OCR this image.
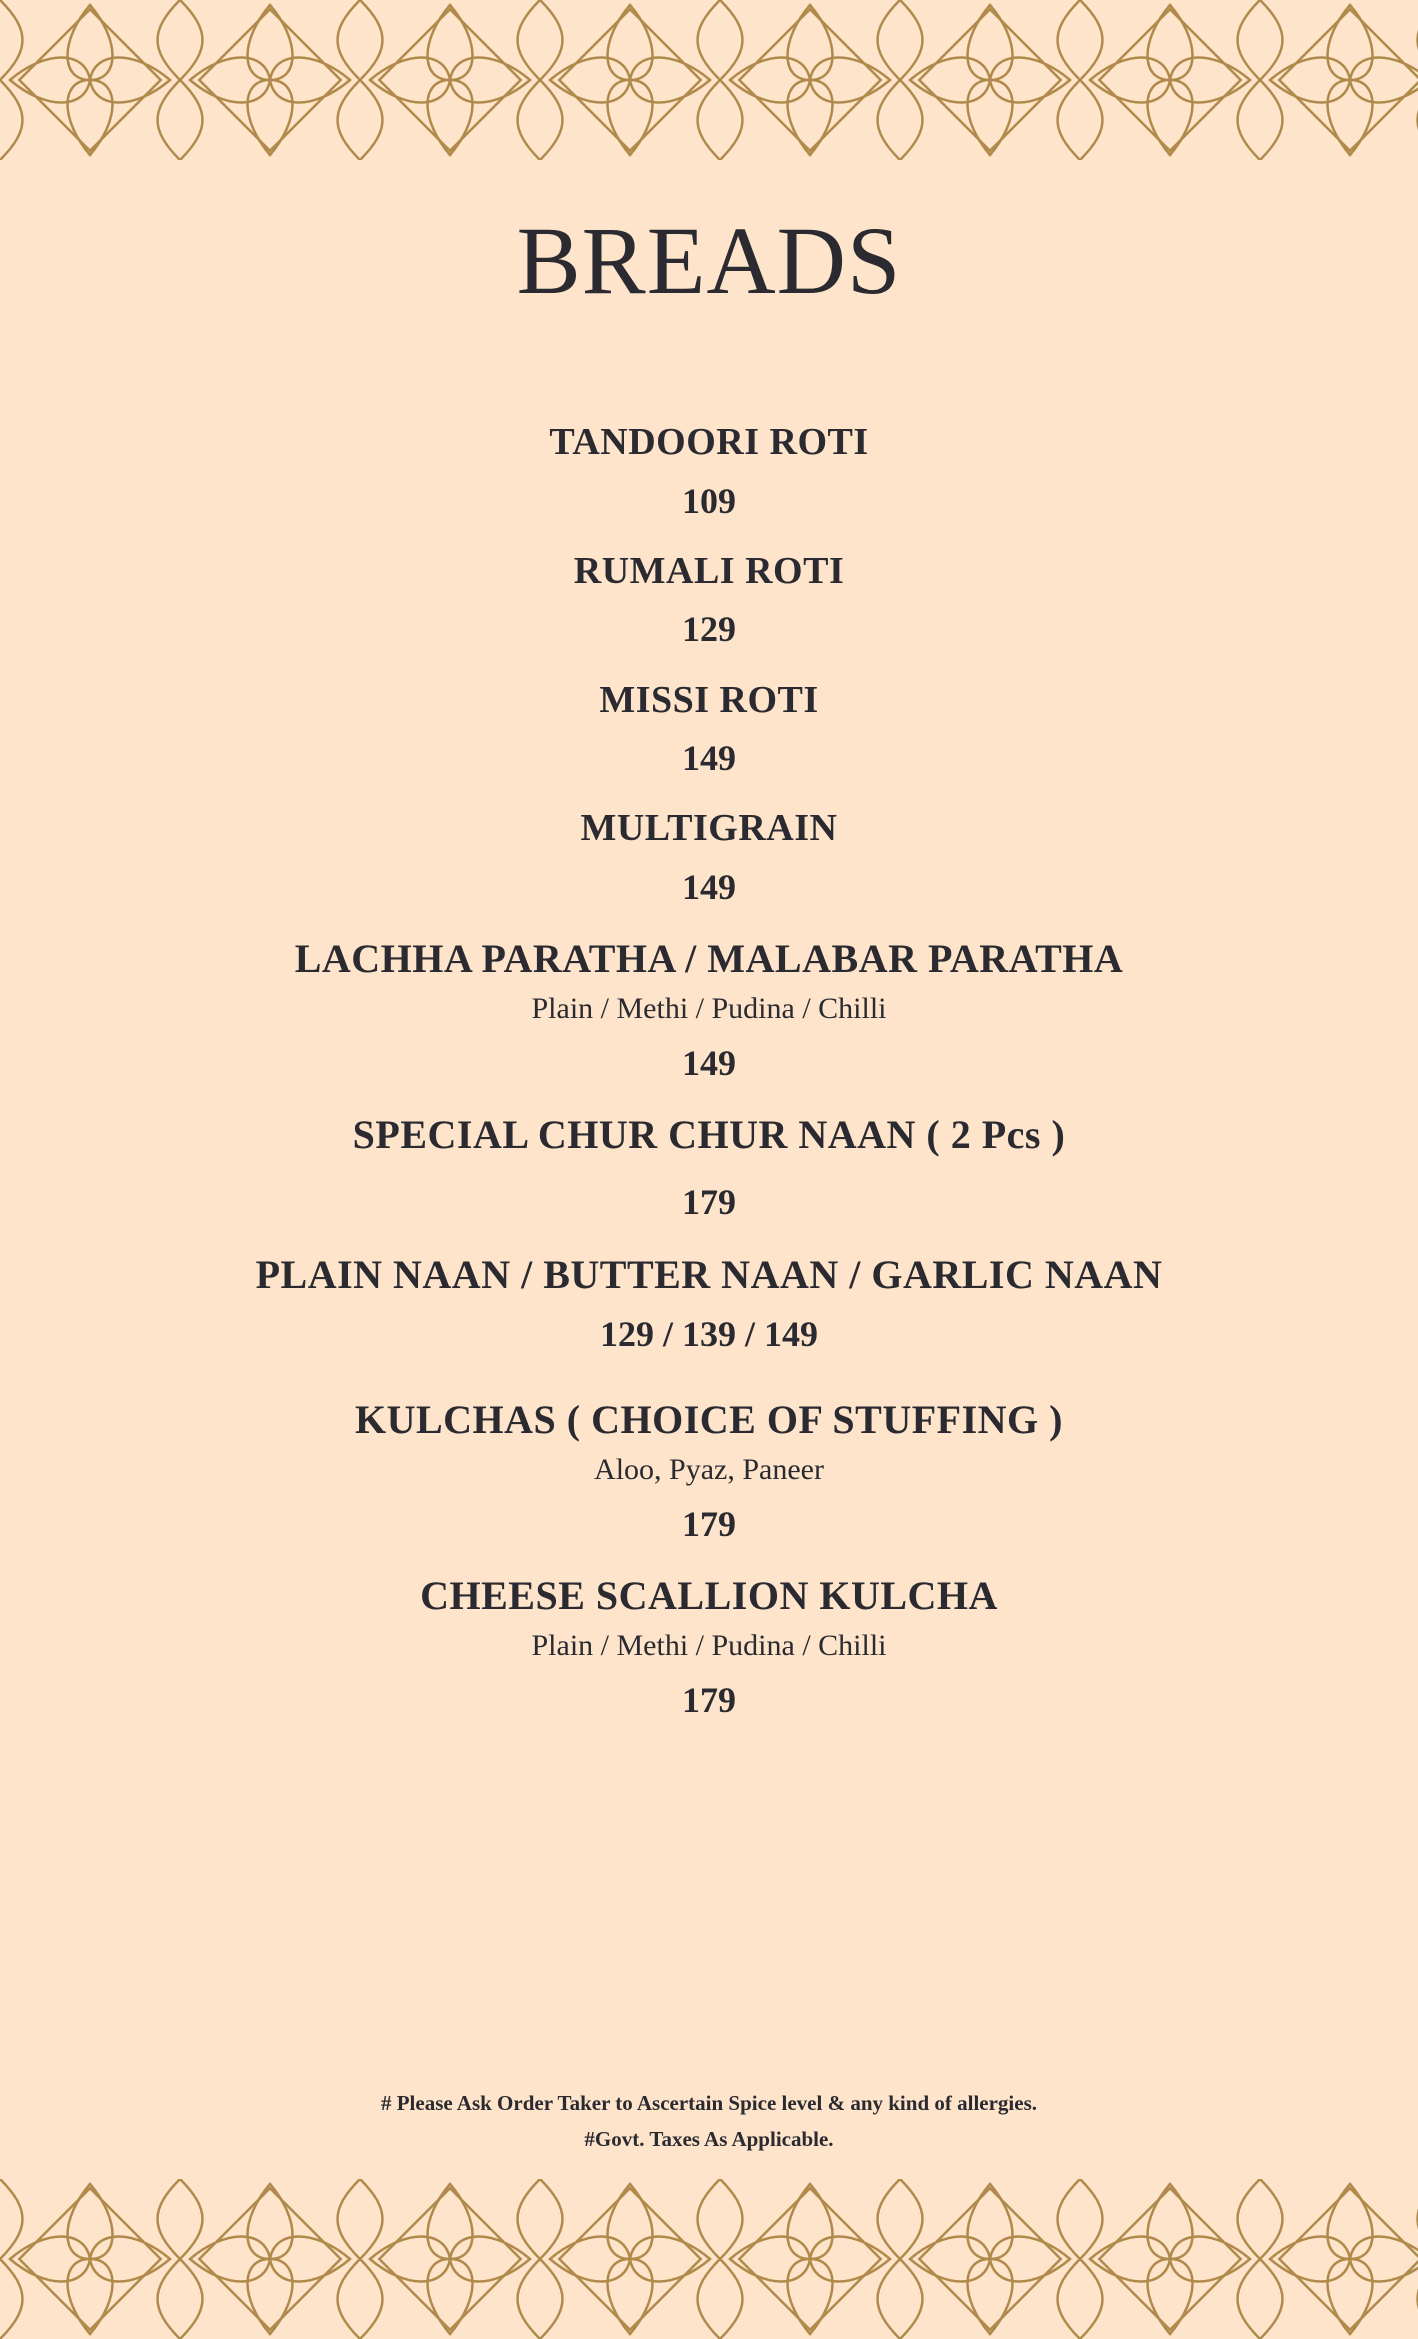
BREADS
TANDOORI ROTI
109
RUMALI ROTI
129
MISSI ROTI
149
MULTIGRAIN
149
LACHHA PARATHA / MALABAR PARATHA
Plain / Methi / Pudina / Chilli
149
SPECIAL CHUR CHUR NAAN ( 2 Pcs )
179
PLAIN NAAN / BUTTER NAAN / GARLIC NAAN
129 / 139 / 149
KULCHAS ( CHOICE OF STUFFING )
Aloo, Pyaz, Paneer
179
CHEESE SCALLION KULCHA
Plain / Methi / Pudina / Chilli
179
# Please Ask Order Taker to Ascertain Spice level & any kind of allergies.
#Govt. Taxes As Applicable.
